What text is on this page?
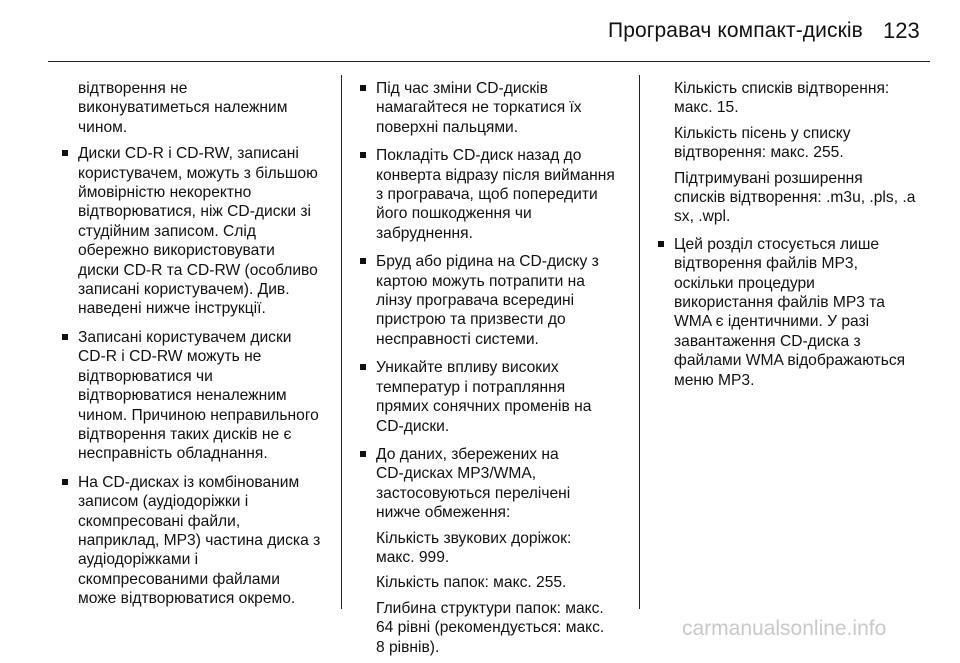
Програвач компакт-дисків 123

відтворення не
виконуватиметься належним
чином.

Диски CD-R і CD-RW, записані
користувачем, можуть з більшою
ймовірністю некоректно
відтворюватися, ніж CD-диски зі
студійним записом. Слід
обережно використовувати
диски CD-R та CD-RW (особливо
записані користувачем). Див.
наведені нижче інструкції.
Записані користувачем диски
CD-R і CD-RW можуть не
відтворюватися чи
відтворюватися неналежним
чином. Причиною неправильного
відтворення таких дисків не є
несправність обладнання.
На CD-дисках із комбінованим
записом (аудіодоріжки і
скомпресовані файли,
наприклад, MP3) частина диска з
аудіодоріжками і
скомпресованими файлами
може відтворюватися окремо.
Під час зміни CD-дисків
намагайтеся не торкатися їх
поверхні пальцями.
Покладіть CD-диск назад до
конверта відразу після виймання
з програвача, щоб попередити
його пошкодження чи
забруднення.
Бруд або рідина на CD-диску з
картою можуть потрапити на
лінзу програвача всередині
пристрою та призвести до
несправності системи.
Уникайте впливу високих
температур і потрапляння
прямих сонячних променів на
CD-диски.
До даних, збережених на
CD-дисках MP3/WMA,
застосовуються перелічені
нижче обмеження:

Кількість звукових доріжок:
макс. 999.

Кількість папок: макс. 255.

Глибина структури папок: макс.
64 рівні (рекомендується: макс.
8 рівнів).

Кількість списків відтворення:
макс. 15.

Кількість пісень у списку
відтворення: макс. 255.

Підтримувані розширення
списків відтворення: .m3u, .pls, .a
sx, .wpl.

Цей розділ стосується лише
відтворення файлів MP3,
оскільки процедури
використання файлів MP3 та
WMA є ідентичними. У разі
завантаження CD-диска з
файлами WMA відображаються
меню MP3.
carmanualsonline.info
